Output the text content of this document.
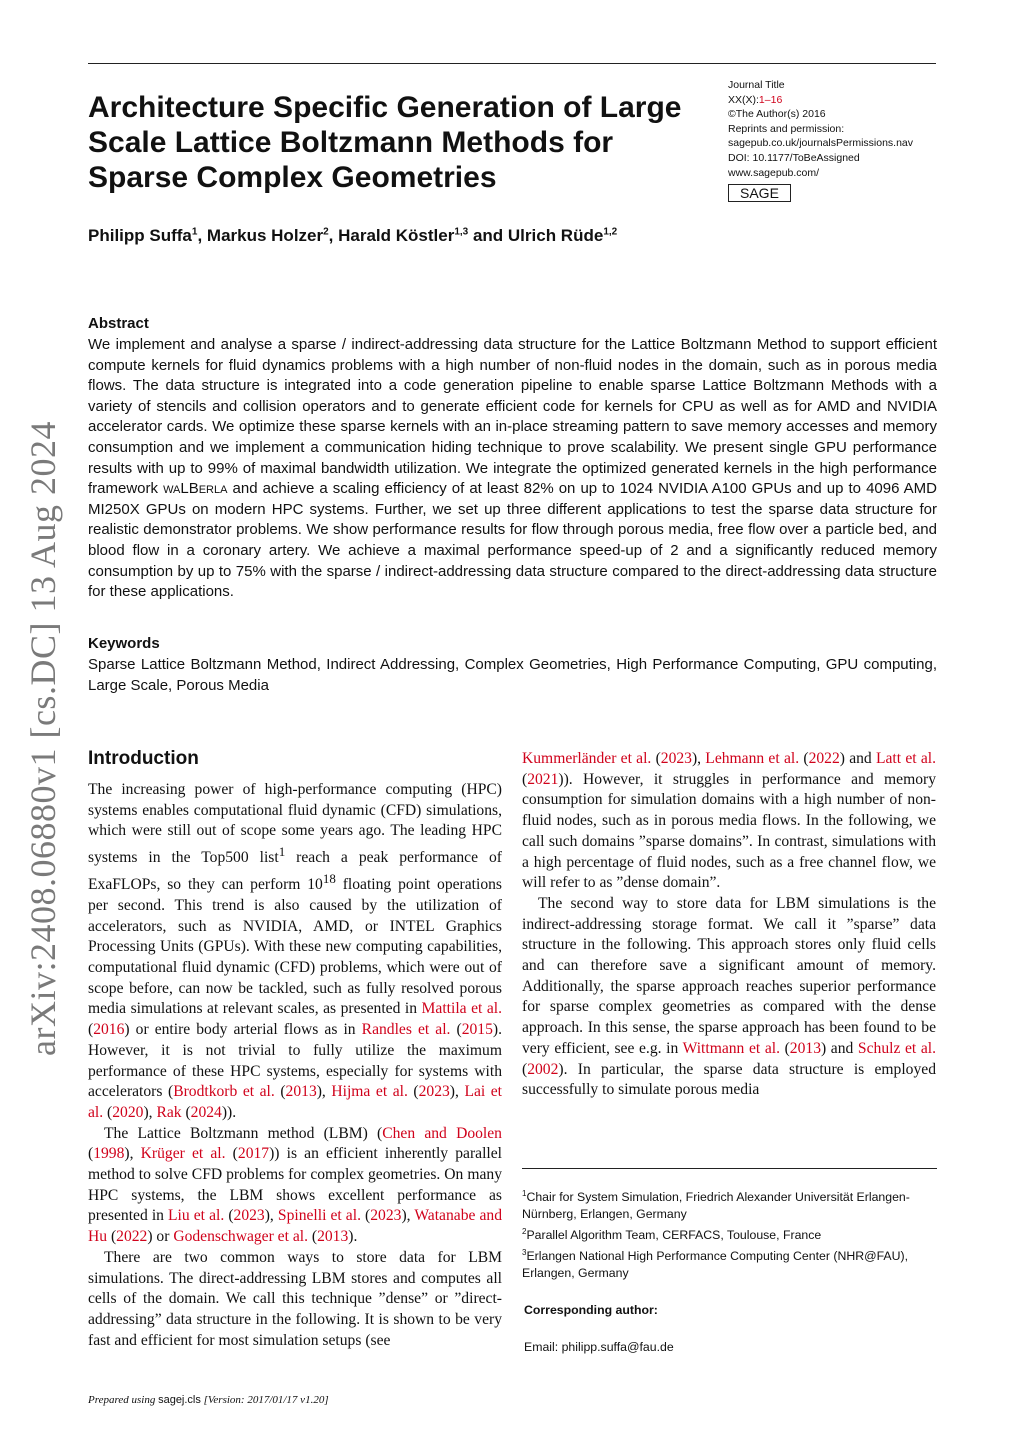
Architecture Specific Generation of Large Scale Lattice Boltzmann Methods for Sparse Complex Geometries
Journal Title
XX(X):1–16
©The Author(s) 2016
Reprints and permission:
sagepub.co.uk/journalsPermissions.nav
DOI: 10.1177/ToBeAssigned
www.sagepub.com/
SAGE
Philipp Suffa$^1$, Markus Holzer$^2$, Harald Köstler$^{1,3}$ and Ulrich Rüde$^{1,2}$
Abstract
We implement and analyse a sparse / indirect-addressing data structure for the Lattice Boltzmann Method to support efficient compute kernels for fluid dynamics problems with a high number of non-fluid nodes in the domain, such as in porous media flows. The data structure is integrated into a code generation pipeline to enable sparse Lattice Boltzmann Methods with a variety of stencils and collision operators and to generate efficient code for kernels for CPU as well as for AMD and NVIDIA accelerator cards. We optimize these sparse kernels with an in-place streaming pattern to save memory accesses and memory consumption and we implement a communication hiding technique to prove scalability. We present single GPU performance results with up to 99% of maximal bandwidth utilization. We integrate the optimized generated kernels in the high performance framework waLBerla and achieve a scaling efficiency of at least 82% on up to 1024 NVIDIA A100 GPUs and up to 4096 AMD MI250X GPUs on modern HPC systems. Further, we set up three different applications to test the sparse data structure for realistic demonstrator problems. We show performance results for flow through porous media, free flow over a particle bed, and blood flow in a coronary artery. We achieve a maximal performance speed-up of 2 and a significantly reduced memory consumption by up to 75% with the sparse / indirect-addressing data structure compared to the direct-addressing data structure for these applications.
Keywords
Sparse Lattice Boltzmann Method, Indirect Addressing, Complex Geometries, High Performance Computing, GPU computing, Large Scale, Porous Media
arXiv:2408.06880v1 [cs.DC] 13 Aug 2024 Introduction

The increasing power of high-performance computing (HPC) systems enables computational fluid dynamic (CFD) simulations, which were still out of scope some years ago. The leading HPC systems in the Top500 list$^1$ reach a peak performance of ExaFLOPs, so they can perform $10^{18}$ floating point operations per second. This trend is also caused by the utilization of accelerators, such as NVIDIA, AMD, or INTEL Graphics Processing Units (GPUs). With these new computing capabilities, computational fluid dynamic (CFD) problems, which were out of scope before, can now be tackled, such as fully resolved porous media simulations at relevant scales, as presented in Mattila et al. (2016) or entire body arterial flows as in Randles et al. (2015). However, it is not trivial to fully utilize the maximum performance of these HPC systems, especially for systems with accelerators (Brodtkorb et al. (2013), Hijma et al. (2023), Lai et al. (2020), Rak (2024)).

The Lattice Boltzmann method (LBM) (Chen and Doolen (1998), Krüger et al. (2017)) is an efficient inherently parallel method to solve CFD problems for complex geometries. On many HPC systems, the LBM shows excellent performance as presented in Liu et al. (2023), Spinelli et al. (2023), Watanabe and Hu (2022) or Godenschwager et al. (2013).

There are two common ways to store data for LBM simulations. The direct-addressing LBM stores and computes all cells of the domain. We call this technique ”dense” or ”direct-addressing” data structure in the following. It is shown to be very fast and efficient for most simulation setups (see

Kummerländer et al. (2023), Lehmann et al. (2022) and Latt et al. (2021)). However, it struggles in performance and memory consumption for simulation domains with a high number of non-fluid nodes, such as in porous media flows. In the following, we call such domains ”sparse domains”. In contrast, simulations with a high percentage of fluid nodes, such as a free channel flow, we will refer to as ”dense domain”.

The second way to store data for LBM simulations is the indirect-addressing storage format. We call it ”sparse” data structure in the following. This approach stores only fluid cells and can therefore save a significant amount of memory. Additionally, the sparse approach reaches superior performance for sparse complex geometries as compared with the dense approach. In this sense, the sparse approach has been found to be very efficient, see e.g. in Wittmann et al. (2013) and Schulz et al. (2002). In particular, the sparse data structure is employed successfully to simulate porous media

$^1$Chair for System Simulation, Friedrich Alexander Universität Erlangen-Nürnberg, Erlangen, Germany
$^2$Parallel Algorithm Team, CERFACS, Toulouse, France
$^3$Erlangen National High Performance Computing Center (NHR@FAU), Erlangen, Germany
Corresponding author:
Email: philipp.suffa@fau.de
Prepared using sagej.cls [Version: 2017/01/17 v1.20]
